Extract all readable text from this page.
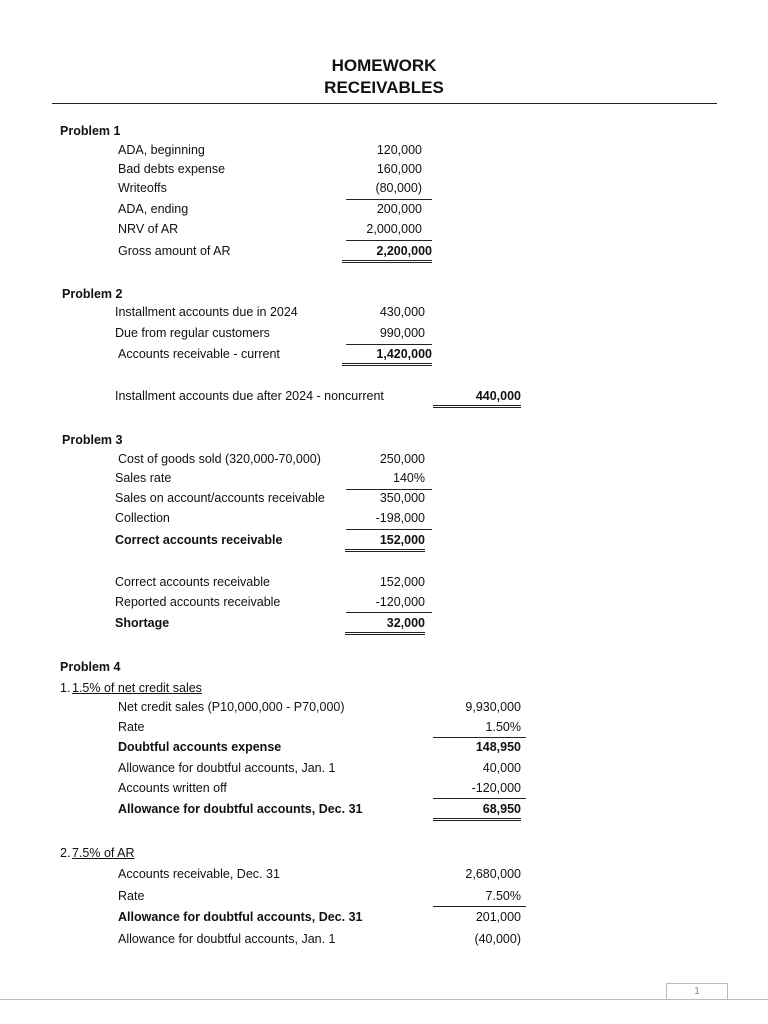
HOMEWORK
RECEIVABLES
Problem 1
ADA, beginning	120,000
Bad debts expense	160,000
Writeoffs	(80,000)
ADA, ending	200,000
NRV of AR	2,000,000
Gross amount of AR	2,200,000
Problem 2
Installment accounts due in 2024	430,000
Due from regular customers	990,000
Accounts receivable - current	1,420,000
Installment accounts due after 2024 - noncurrent	440,000
Problem 3
Cost of goods sold (320,000-70,000)	250,000
Sales rate	140%
Sales on account/accounts receivable	350,000
Collection	-198,000
Correct accounts receivable	152,000
Correct accounts receivable	152,000
Reported accounts receivable	-120,000
Shortage	32,000
Problem 4
1. 1.5% of net credit sales
Net credit sales (P10,000,000 - P70,000)	9,930,000
Rate	1.50%
Doubtful accounts expense	148,950
Allowance for doubtful accounts, Jan. 1	40,000
Accounts written off	-120,000
Allowance for doubtful accounts, Dec. 31	68,950
2. 7.5% of AR
Accounts receivable, Dec. 31	2,680,000
Rate	7.50%
Allowance for doubtful accounts, Dec. 31	201,000
Allowance for doubtful accounts, Jan. 1	(40,000)
1
